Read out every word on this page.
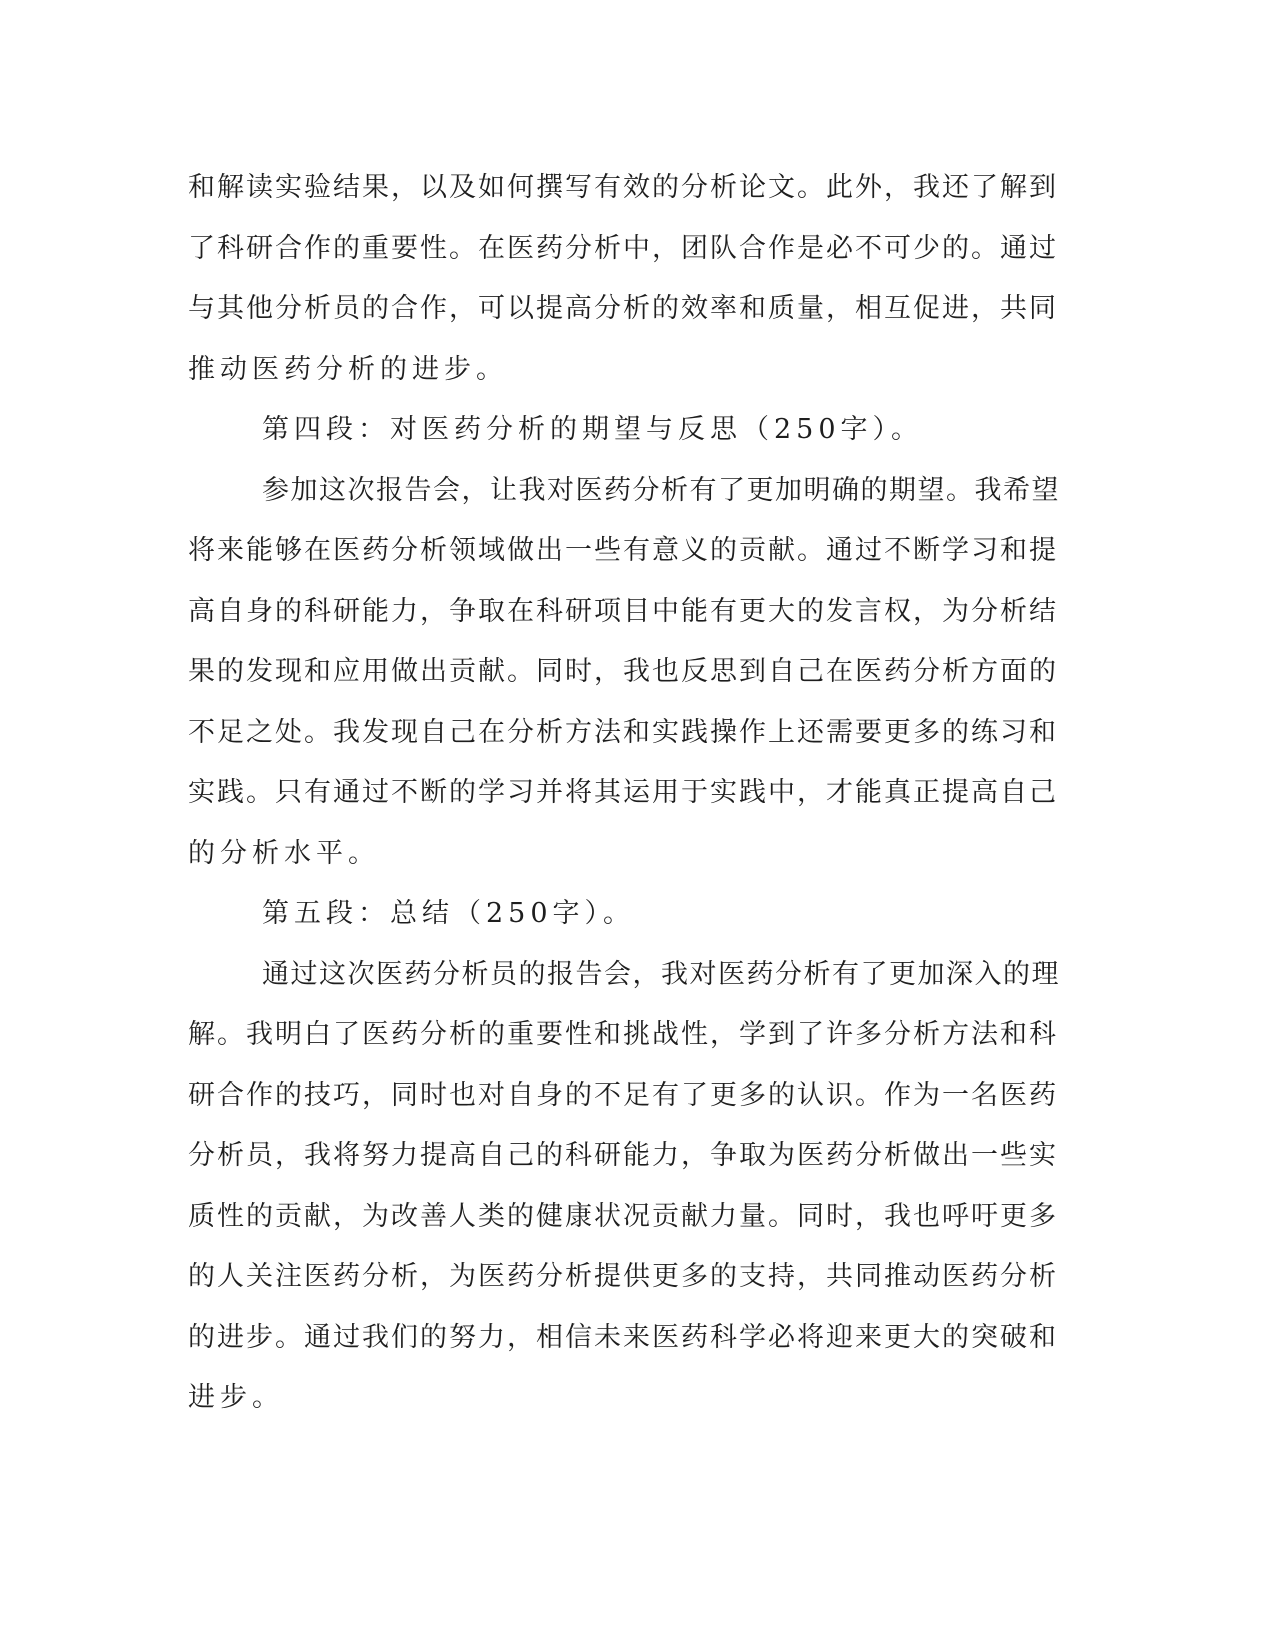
和解读实验结果，以及如何撰写有效的分析论文。此外，我还了解到
了科研合作的重要性。在医药分析中，团队合作是必不可少的。通过
与其他分析员的合作，可以提高分析的效率和质量，相互促进，共同
推动医药分析的进步。
第四段：对医药分析的期望与反思（250字）。
参加这次报告会，让我对医药分析有了更加明确的期望。我希望
将来能够在医药分析领域做出一些有意义的贡献。通过不断学习和提
高自身的科研能力，争取在科研项目中能有更大的发言权，为分析结
果的发现和应用做出贡献。同时，我也反思到自己在医药分析方面的
不足之处。我发现自己在分析方法和实践操作上还需要更多的练习和
实践。只有通过不断的学习并将其运用于实践中，才能真正提高自己
的分析水平。
第五段：总结（250字）。
通过这次医药分析员的报告会，我对医药分析有了更加深入的理
解。我明白了医药分析的重要性和挑战性，学到了许多分析方法和科
研合作的技巧，同时也对自身的不足有了更多的认识。作为一名医药
分析员，我将努力提高自己的科研能力，争取为医药分析做出一些实
质性的贡献，为改善人类的健康状况贡献力量。同时，我也呼吁更多
的人关注医药分析，为医药分析提供更多的支持，共同推动医药分析
的进步。通过我们的努力，相信未来医药科学必将迎来更大的突破和
进步。
